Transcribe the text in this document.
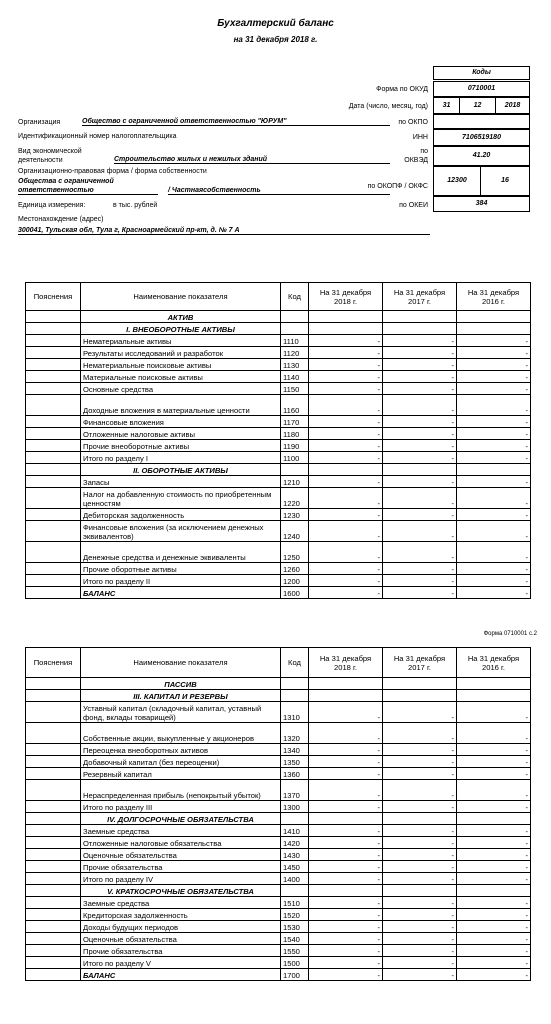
Бухгалтерский баланс
на 31 декабря 2018 г.
Коды
Форма по ОКУД	0710001
Дата (число, месяц, год)	31	12	2018
по ОКПО
ИНН	7106519180
по
ОКВЭД
41.20
по ОКОПФ / ОКФС
12300	16
по ОКЕИ	384
Организация	Общество с ограниченной ответственностью "ЮРУМ"
Идентификационный номер налогоплательщика
Вид экономической
деятельности	Строительство жилых и нежилых зданий
Организационно-правовая форма / форма собственности
Общества с ограниченной
ответственностью	/ Частнаясобственность
Единица измерения:	в тыс. рублей
Местонахождение (адрес)
300041, Тульская обл, Тула г, Красноармейский пр-кт, д. № 7 А
Пояснения	Наименование показателя	Код	На 31 декабря 2018 г.	На 31 декабря 2017 г.	На 31 декабря 2016 г.
	АКТИВ				
	I. ВНЕОБОРОТНЫЕ АКТИВЫ				
	Нематериальные активы	1110	-	-	-
	Результаты исследований и разработок	1120	-	-	-
	Нематериальные поисковые активы	1130	-	-	-
	Материальные поисковые активы	1140	-	-	-
	Основные средства	1150	-	-	-
	Доходные вложения в материальные ценности	1160	-	-	-
	Финансовые вложения	1170	-	-	-
	Отложенные налоговые активы	1180	-	-	-
	Прочие внеоборотные активы	1190	-	-	-
	Итого по разделу I	1100	-	-	-
	II. ОБОРОТНЫЕ АКТИВЫ				
	Запасы	1210	-	-	-
	Налог на добавленную стоимость по приобретенным ценностям	1220	-	-	-
	Дебиторская задолженность	1230	-	-	-
	Финансовые вложения (за исключением денежных эквивалентов)	1240	-	-	-
	Денежные средства и денежные эквиваленты	1250	-	-	-
	Прочие оборотные активы	1260	-	-	-
	Итого по разделу II	1200	-	-	-
	БАЛАНС	1600	-	-	-
Форма 0710001 с.2
Пояснения	Наименование показателя	Код	На 31 декабря 2018 г.	На 31 декабря 2017 г.	На 31 декабря 2016 г.
	ПАССИВ				
	III. КАПИТАЛ И РЕЗЕРВЫ				
	Уставный капитал (складочный капитал, уставный фонд, вклады товарищей)	1310	-	-	-
	Собственные акции, выкупленные у акционеров	1320	-	-	-
	Переоценка внеоборотных активов	1340	-	-	-
	Добавочный капитал (без переоценки)	1350	-	-	-
	Резервный капитал	1360	-	-	-
	Нераспределенная прибыль (непокрытый убыток)	1370	-	-	-
	Итого по разделу III	1300	-	-	-
	IV. ДОЛГОСРОЧНЫЕ ОБЯЗАТЕЛЬСТВА				
	Заемные средства	1410	-	-	-
	Отложенные налоговые обязательства	1420	-	-	-
	Оценочные обязательства	1430	-	-	-
	Прочие обязательства	1450	-	-	-
	Итого по разделу IV	1400	-	-	-
	V. КРАТКОСРОЧНЫЕ ОБЯЗАТЕЛЬСТВА				
	Заемные средства	1510	-	-	-
	Кредиторская задолженность	1520	-	-	-
	Доходы будущих периодов	1530	-	-	-
	Оценочные обязательства	1540	-	-	-
	Прочие обязательства	1550	-	-	-
	Итого по разделу V	1500	-	-	-
	БАЛАНС	1700	-	-	-
